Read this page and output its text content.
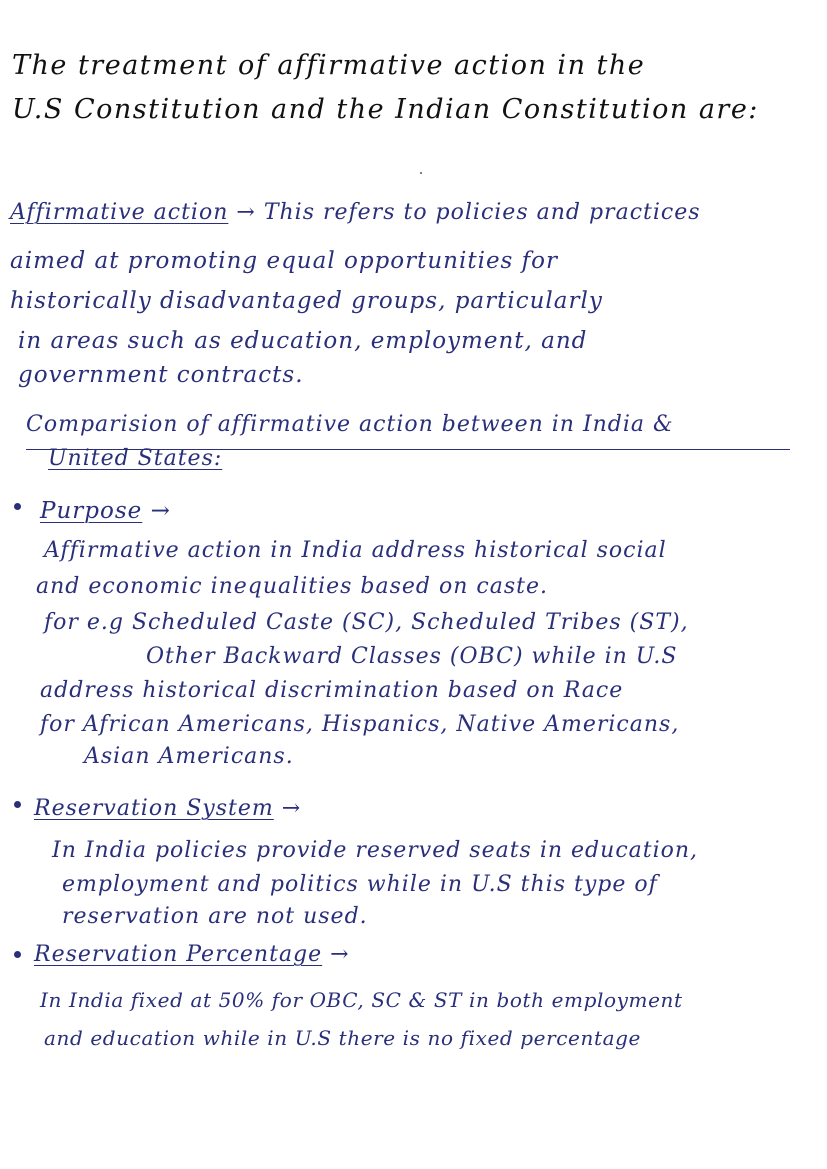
The treatment of affirmative action in the
U.S Constitution and the Indian Constitution are:
Affirmative action → This refers to policies and practices
aimed at promoting equal opportunities for
historically disadvantaged groups, particularly
in areas such as education, employment, and
government contracts.
Comparision of affirmative action between in India &
United States:
Purpose →
Affirmative action in India address historical social
and economic inequalities based on caste.
for e.g Scheduled Caste (SC), Scheduled Tribes (ST),
Other Backward Classes (OBC) while in U.S
address historical discrimination based on Race
for African Americans, Hispanics, Native Americans,
Asian Americans.
Reservation System →
In India policies provide reserved seats in education,
employment and politics while in U.S this type of
reservation are not used.
Reservation Percentage →
In India fixed at 50% for OBC, SC & ST in both employment
and education while in U.S there is no fixed percentage
